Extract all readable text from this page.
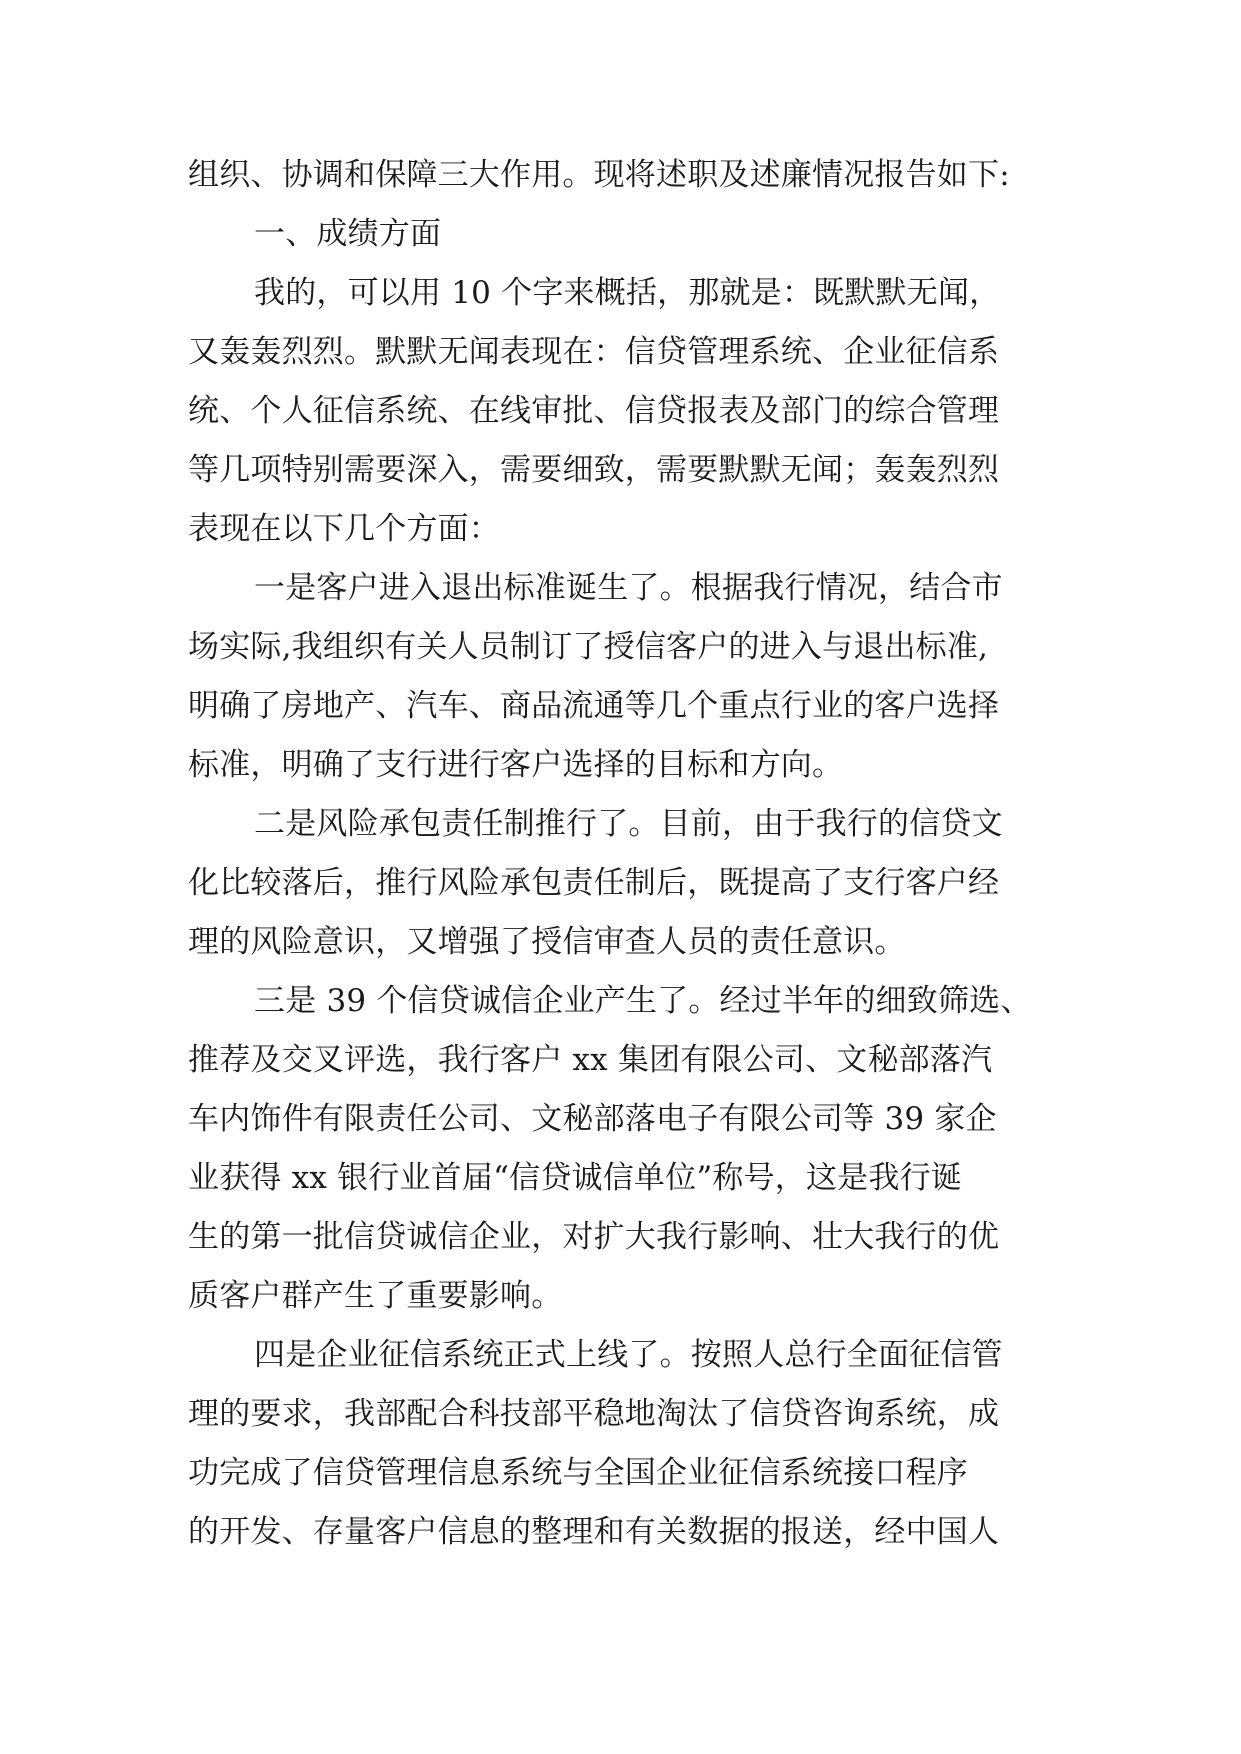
组织、协调和保障三大作用。现将述职及述廉情况报告如下:
一、成绩方面
我的，可以用 10 个字来概括，那就是：既默默无闻，
又轰轰烈烈。默默无闻表现在：信贷管理系统、企业征信系
统、个人征信系统、在线审批、信贷报表及部门的综合管理
等几项特别需要深入，需要细致，需要默默无闻；轰轰烈烈
表现在以下几个方面：
一是客户进入退出标准诞生了。根据我行情况，结合市
场实际,我组织有关人员制订了授信客户的进入与退出标准,
明确了房地产、汽车、商品流通等几个重点行业的客户选择
标准，明确了支行进行客户选择的目标和方向。
二是风险承包责任制推行了。目前，由于我行的信贷文
化比较落后，推行风险承包责任制后，既提高了支行客户经
理的风险意识，又增强了授信审查人员的责任意识。
三是 39 个信贷诚信企业产生了。经过半年的细致筛选、
推荐及交叉评选，我行客户 xx 集团有限公司、文秘部落汽
车内饰件有限责任公司、文秘部落电子有限公司等 39 家企
业获得 xx 银行业首届“信贷诚信单位”称号，这是我行诞
生的第一批信贷诚信企业，对扩大我行影响、壮大我行的优
质客户群产生了重要影响。
四是企业征信系统正式上线了。按照人总行全面征信管
理的要求，我部配合科技部平稳地淘汰了信贷咨询系统，成
功完成了信贷管理信息系统与全国企业征信系统接口程序
的开发、存量客户信息的整理和有关数据的报送，经中国人
